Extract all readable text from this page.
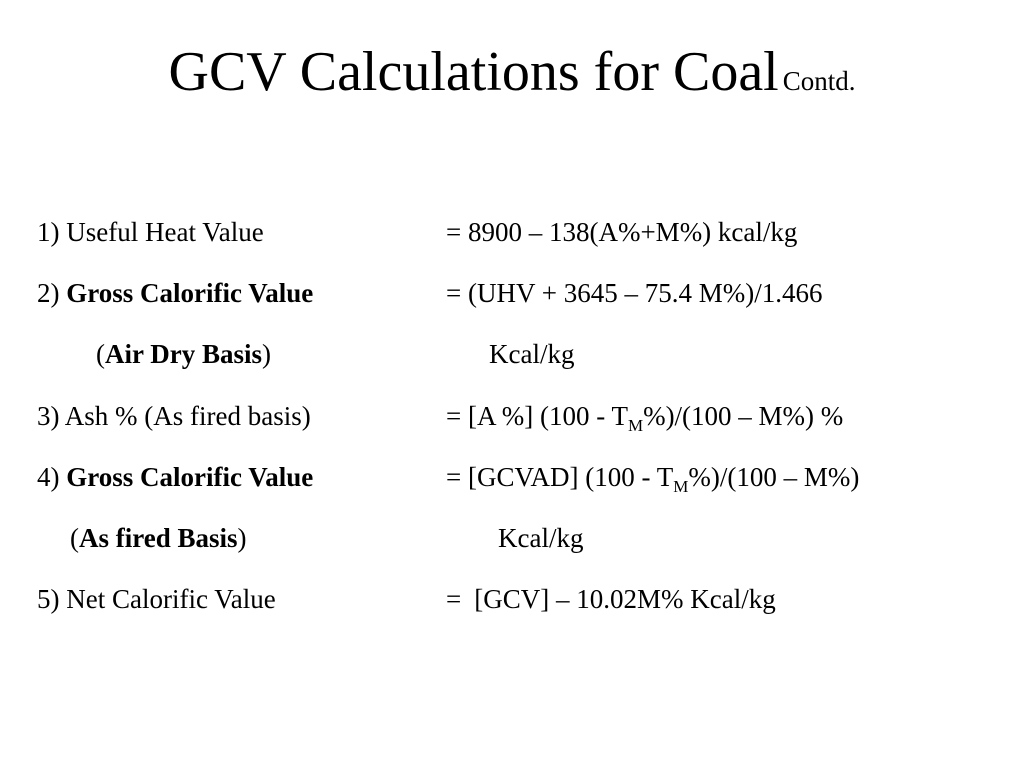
GCV Calculations for Coal Contd.
1) Useful Heat Value	= 8900 – 138(A%+M%) kcal/kg
2) Gross Calorific Value	= (UHV + 3645 – 75.4 M%)/1.466
(Air Dry Basis)	Kcal/kg
3) Ash % (As fired basis)	= [A %] $(100 - T_M\%)/(100 - M\%)$ %
4) Gross Calorific Value	= [GCVAD] $(100 - T_M\%)/(100 - M\%)$
(As fired Basis)	Kcal/kg
5) Net Calorific Value	= [GCV] – 10.02M% Kcal/kg
